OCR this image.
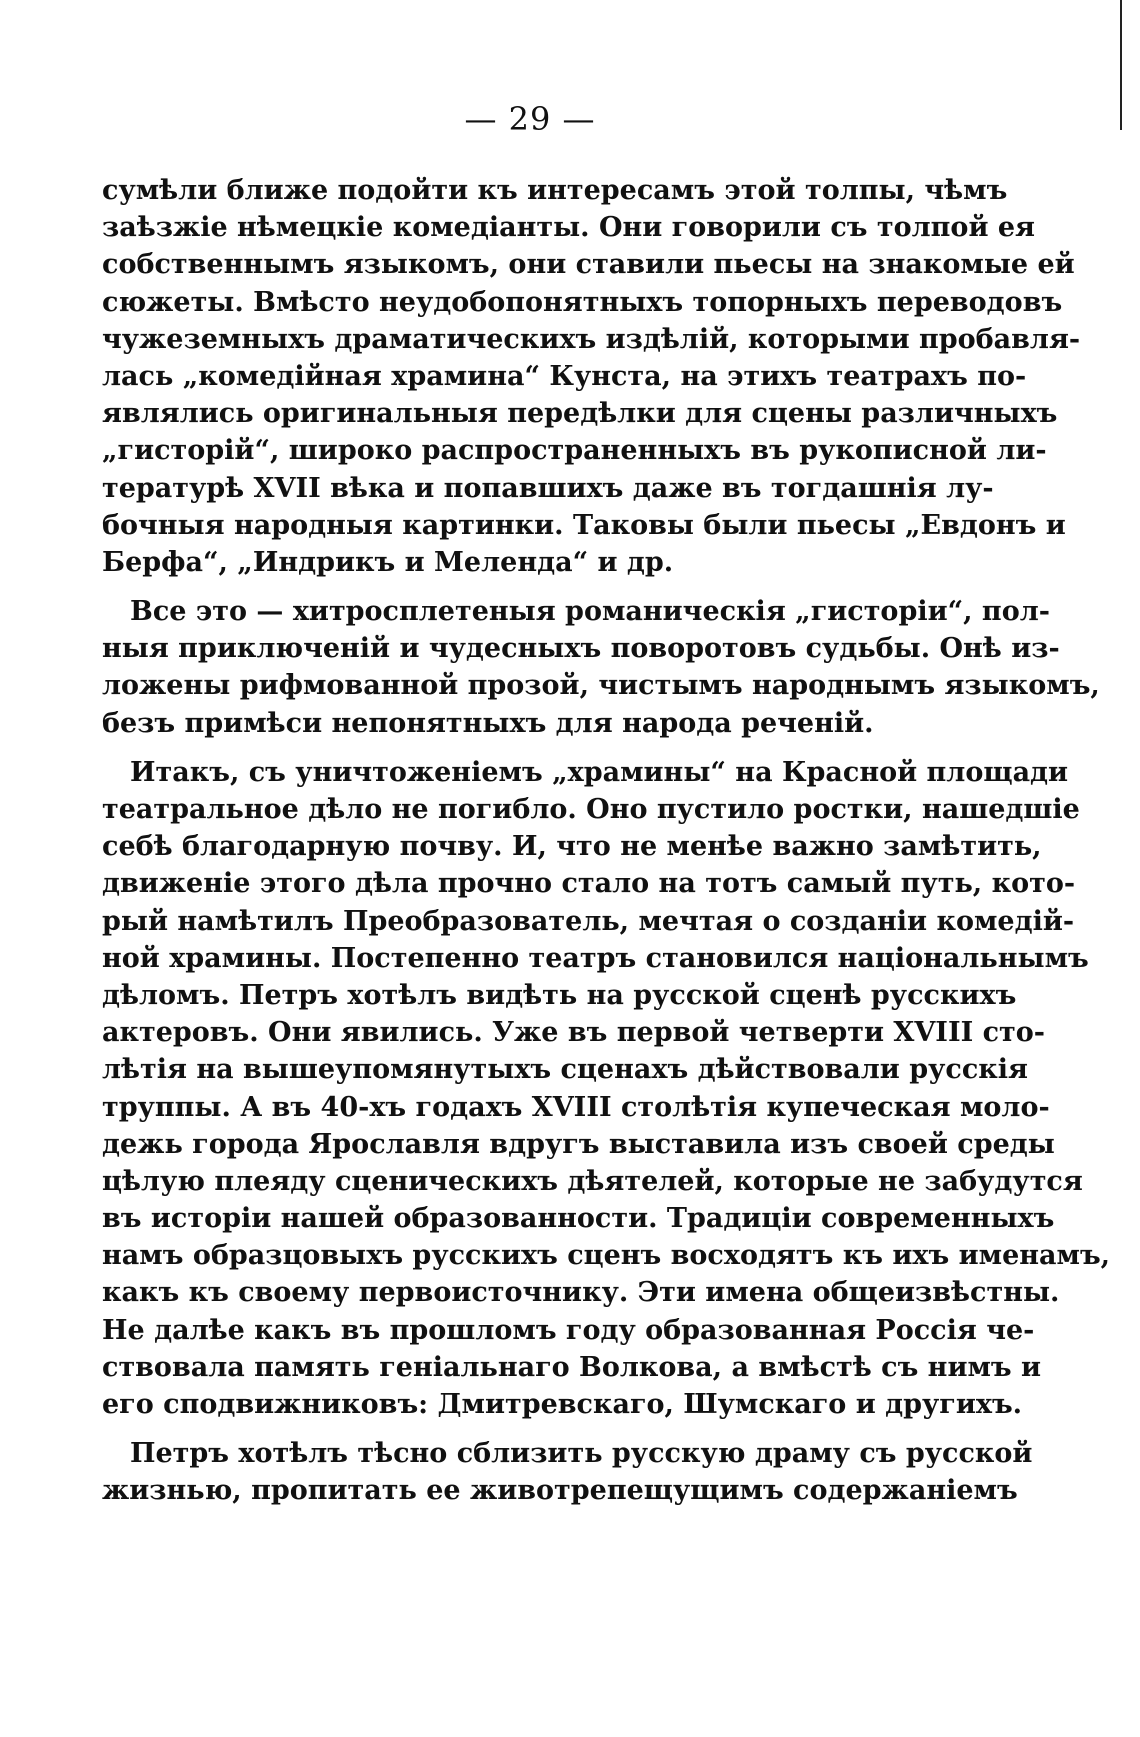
— 29 —
сумѣли ближе подойти къ интересамъ этой толпы, чѣмъ
заѣзжіе нѣмецкіе комедіанты. Они говорили съ толпой ея
собственнымъ языкомъ, они ставили пьесы на знакомые ей
сюжеты. Вмѣсто неудобопонятныхъ топорныхъ переводовъ
чужеземныхъ драматическихъ издѣлій, которыми пробавля-
лась „комедійная храмина“ Кунста, на этихъ театрахъ по-
являлись оригинальныя передѣлки для сцены различныхъ
„гисторій“, широко распространенныхъ въ рукописной ли-
тературѣ XVII вѣка и попавшихъ даже въ тогдашнія лу-
бочныя народныя картинки. Таковы были пьесы „Евдонъ и
Берфа“, „Индрикъ и Меленда“ и др.
Все это — хитросплетеныя романическія „гисторіи“, пол-
ныя приключеній и чудесныхъ поворотовъ судьбы. Онѣ из-
ложены рифмованной прозой, чистымъ народнымъ языкомъ,
безъ примѣси непонятныхъ для народа реченій.
Итакъ, съ уничтоженіемъ „храмины“ на Красной площади
театральное дѣло не погибло. Оно пустило ростки, нашедшіе
себѣ благодарную почву. И, что не менѣе важно замѣтить,
движеніе этого дѣла прочно стало на тотъ самый путь, кото-
рый намѣтилъ Преобразователь, мечтая о созданіи комедій-
ной храмины. Постепенно театръ становился національнымъ
дѣломъ. Петръ хотѣлъ видѣть на русской сценѣ русскихъ
актеровъ. Они явились. Уже въ первой четверти XVIII сто-
лѣтія на вышеупомянутыхъ сценахъ дѣйствовали русскія
труппы. А въ 40-хъ годахъ XVIII столѣтія купеческая моло-
дежь города Ярославля вдругъ выставила изъ своей среды
цѣлую плеяду сценическихъ дѣятелей, которые не забудутся
въ исторіи нашей образованности. Традиціи современныхъ
намъ образцовыхъ русскихъ сценъ восходятъ къ ихъ именамъ,
какъ къ своему первоисточнику. Эти имена общеизвѣстны.
Не далѣе какъ въ прошломъ году образованная Россія че-
ствовала память геніальнаго Волкова, а вмѣстѣ съ нимъ и
его сподвижниковъ: Дмитревскаго, Шумскаго и другихъ.
Петръ хотѣлъ тѣсно сблизить русскую драму съ русской
жизнью, пропитать ее животрепещущимъ содержаніемъ
